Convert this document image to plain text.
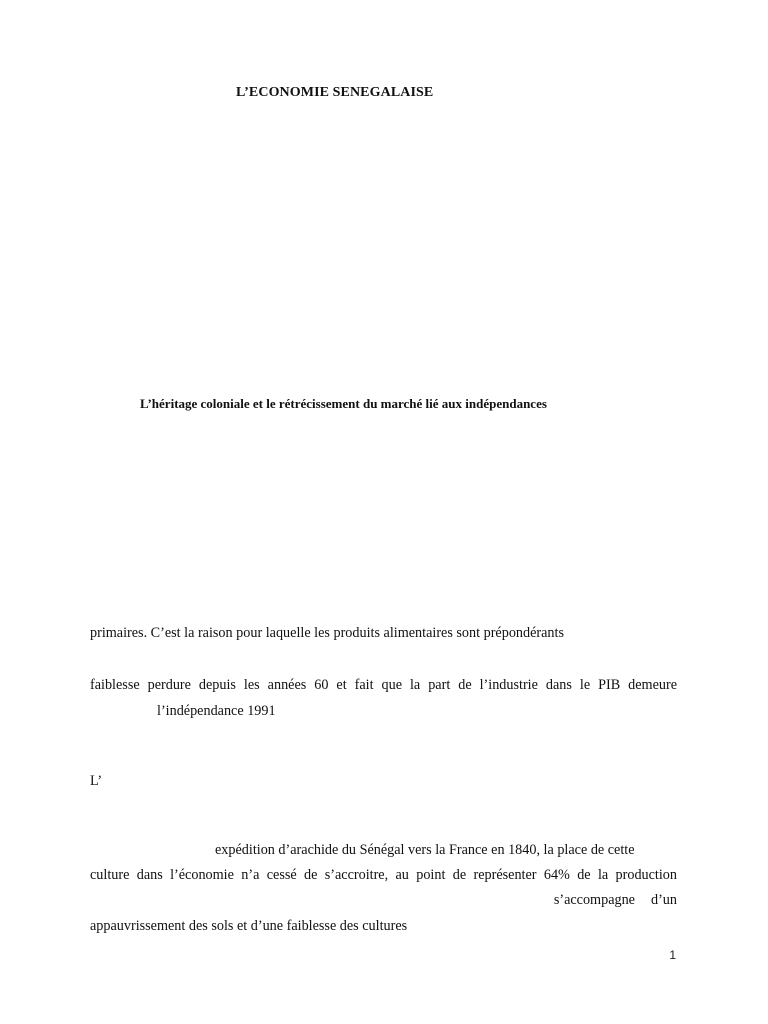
L’ECONOMIE SENEGALAISE
L’héritage coloniale et le rétrécissement du marché lié aux indépendances
primaires. C’est la raison pour laquelle les produits alimentaires sont prépondérants
faiblesse perdure depuis les années 60 et fait que la part de l’industrie dans le PIB demeure
l’indépendance 1991
L’
expédition d’arachide du Sénégal vers la France en 1840, la place de cette
culture dans l’économie n’a cessé de s’accroitre, au point de représenter 64% de la production
s’accompagne d’un
appauvrissement des sols et d’une faiblesse des cultures
1
